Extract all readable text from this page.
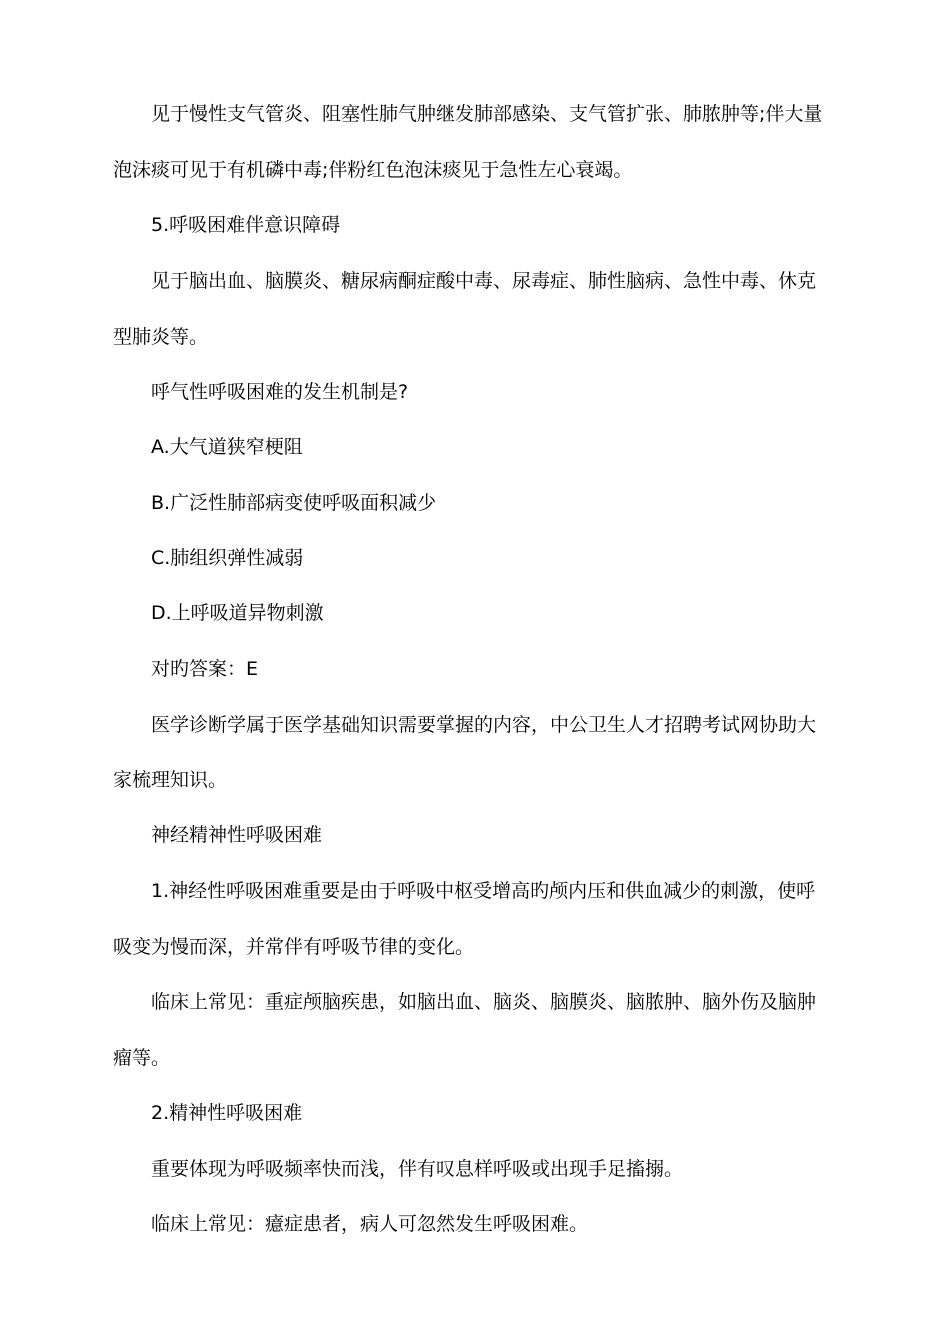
见于慢性支气管炎、阻塞性肺气肿继发肺部感染、支气管扩张、肺脓肿等;伴大量
泡沫痰可见于有机磷中毒;伴粉红色泡沫痰见于急性左心衰竭。
5.呼吸困难伴意识障碍
见于脑出血、脑膜炎、糖尿病酮症酸中毒、尿毒症、肺性脑病、急性中毒、休克
型肺炎等。
呼气性呼吸困难的发生机制是?
A.大气道狭窄梗阻
B.广泛性肺部病变使呼吸面积减少
C.肺组织弹性减弱
D.上呼吸道异物刺激
对旳答案：E
医学诊断学属于医学基础知识需要掌握的内容，中公卫生人才招聘考试网协助大
家梳理知识。
神经精神性呼吸困难
1.神经性呼吸困难重要是由于呼吸中枢受增高旳颅内压和供血减少的刺激，使呼
吸变为慢而深，并常伴有呼吸节律的变化。
临床上常见：重症颅脑疾患，如脑出血、脑炎、脑膜炎、脑脓肿、脑外伤及脑肿
瘤等。
2.精神性呼吸困难
重要体现为呼吸频率快而浅，伴有叹息样呼吸或出现手足搐搦。
临床上常见：癔症患者，病人可忽然发生呼吸困难。
